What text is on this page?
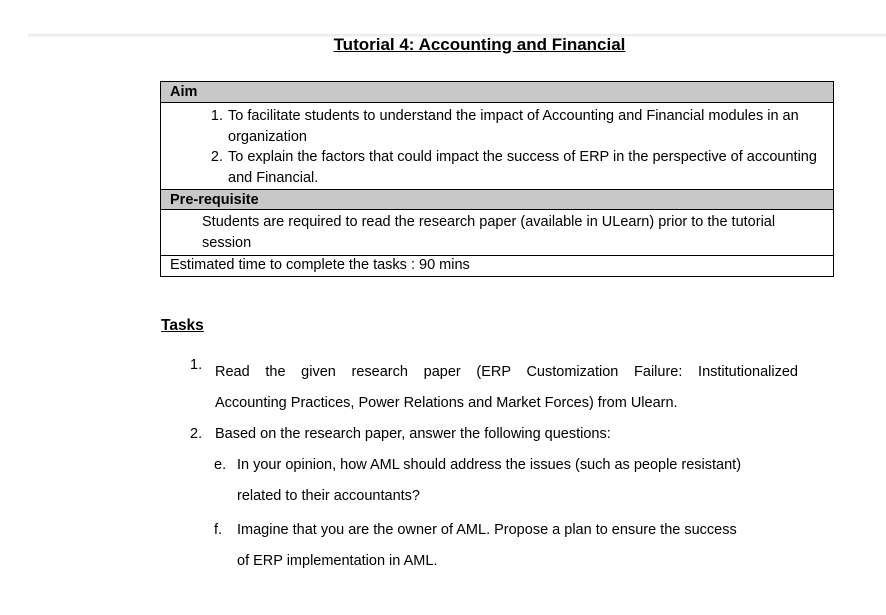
Tutorial 4: Accounting and Financial
Aim
1. To facilitate students to understand the impact of Accounting and Financial modules in an organization
2. To explain the factors that could impact the success of ERP in the perspective of accounting and Financial.
Pre-requisite
Students are required to read the research paper (available in ULearn) prior to the tutorial session
Estimated time to complete the tasks : 90 mins
Tasks
1. Read the given research paper (ERP Customization Failure: Institutionalized
Accounting Practices, Power Relations and Market Forces) from Ulearn.
2. Based on the research paper, answer the following questions:
e. In your opinion, how AML should address the issues (such as people resistant)
related to their accountants?
f. Imagine that you are the owner of AML. Propose a plan to ensure the success
of ERP implementation in AML.
